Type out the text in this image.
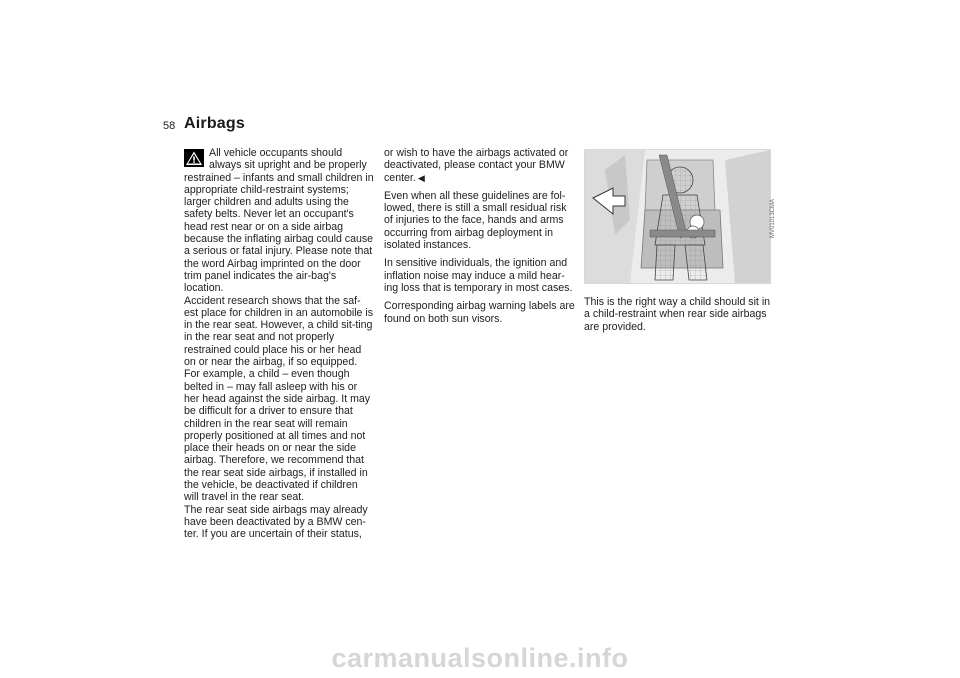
58 Airbags

All vehicle occupants should always sit upright and be properly restrained – infants and small children in appropriate child-restraint systems; larger children and adults using the safety belts. Never let an occupant's head rest near or on a side airbag because the inflating airbag could cause a serious or fatal injury. Please note that the word Airbag imprinted on the door trim panel indicates the air-bag's location.

Accident research shows that the saf-est place for children in an automobile is in the rear seat. However, a child sit-ting in the rear seat and not properly restrained could place his or her head on or near the airbag, if so equipped. For example, a child – even though belted in – may fall asleep with his or her head against the side airbag. It may be difficult for a driver to ensure that children in the rear seat will remain properly positioned at all times and not place their heads on or near the side airbag. Therefore, we recommend that the rear seat side airbags, if installed in the vehicle, be deactivated if children will travel in the rear seat.

The rear seat side airbags may already have been deactivated by a BMW cen-ter. If you are uncertain of their status,

or wish to have the airbags activated or deactivated, please contact your BMW center. ◀

Even when all these guidelines are fol-lowed, there is still a small residual risk of injuries to the face, hands and arms occurring from airbag deployment in isolated instances.

In sensitive individuals, the ignition and inflation noise may induce a mild hear-ing loss that is temporary in most cases.

Corresponding airbag warning labels are found on both sun visors.

MV01013CMA

This is the right way a child should sit in a child-restraint when rear side airbags are provided.

carmanualsonline.info
